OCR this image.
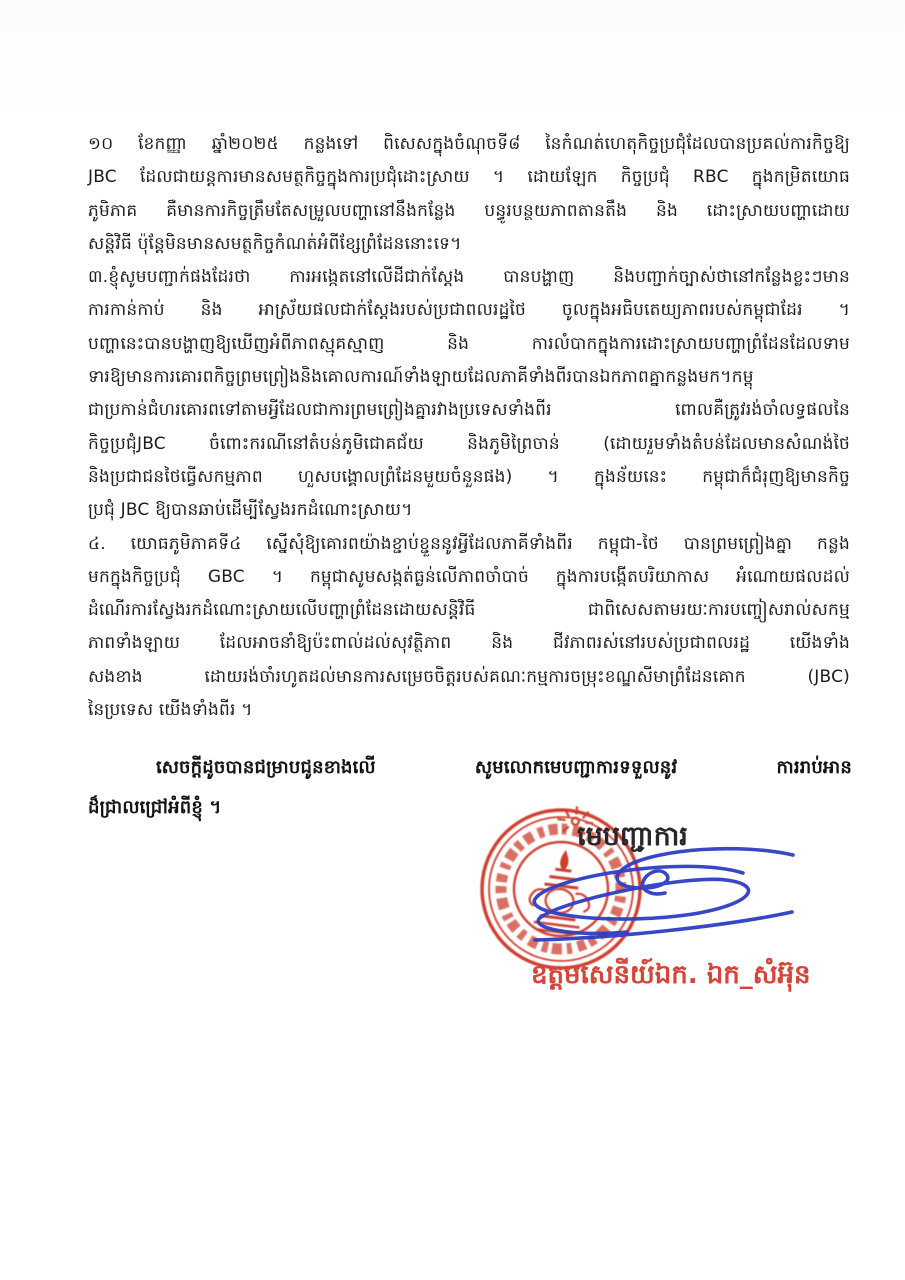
១០ ខែកញ្ញា ឆ្នាំ២០២៥ កន្លងទៅ ពិសេសក្នុងចំណុចទី៨ នៃកំណត់ហេតុកិច្ចប្រជុំដែលបានប្រគល់ការកិច្ចឱ្យ
JBC ដែលជាយន្តការមានសមត្ថកិច្ចក្នុងការប្រជុំដោះស្រាយ ។ ដោយឡែក កិច្ចប្រជុំ RBC ក្នុងកម្រិតយោធ
ភូមិភាគ គឺមានការកិច្ចត្រឹមតែសម្រួលបញ្ហានៅនឹងកន្លែង បន្ធូរបន្ថយភាពតានតឹង និង ដោះស្រាយបញ្ហាដោយ
សន្តិវិធី ប៉ុន្តែមិនមានសមត្ថកិច្ចកំណត់អំពីខ្សែព្រំដែននោះទេ។
៣.ខ្ញុំសូមបញ្ជាក់ផងដែរថា ការអង្កេតនៅលើដីជាក់ស្តែង បានបង្ហាញ និងបញ្ជាក់ច្បាស់ថានៅកន្លែងខ្លះៗមាន
ការកាន់កាប់ និង អាស្រ័យផលជាក់ស្តែងរបស់ប្រជាពលរដ្ឋថៃ ចូលក្នុងអធិបតេយ្យភាពរបស់កម្ពុជាដែរ ។
បញ្ហានេះបានបង្ហាញឱ្យឃើញអំពីភាពស្មុគស្មាញ និង ការលំបាកក្នុងការដោះស្រាយបញ្ហាព្រំដែនដែលទាម
ទារឱ្យមានការគោរពកិច្ចព្រមព្រៀងនិងគោលការណ៍ទាំងឡាយដែលភាគីទាំងពីរបានឯកភាពគ្នាកន្លងមក។កម្ពុ
ជាប្រកាន់ជំហរគោរពទៅតាមអ្វីដែលជាការព្រមព្រៀងគ្នារវាងប្រទេសទាំងពីរ ពោលគឺត្រូវរង់ចាំលទ្ធផលនៃ
កិច្ចប្រជុំJBC ចំពោះករណីនៅតំបន់ភូមិជោគជ័យ និងភូមិព្រៃចាន់ (ដោយរួមទាំងតំបន់ដែលមានសំណង់ថៃ
និងប្រជាជនថៃធ្វើសកម្មភាព ហួសបង្គោលព្រំដែនមួយចំនួនផង) ។ ក្នុងន័យនេះ កម្ពុជាក៏ជំរុញឱ្យមានកិច្ច
ប្រជុំ JBC ឱ្យបានឆាប់ដើម្បីស្វែងរកដំណោះស្រាយ។
៤. យោធភូមិភាគទី៤ ស្នើសុំឱ្យគោរពយ៉ាងខ្ជាប់ខ្ជួននូវអ្វីដែលភាគីទាំងពីរ កម្ពុជា-ថៃ បានព្រមព្រៀងគ្នា កន្លង
មកក្នុងកិច្ចប្រជុំ GBC ។ កម្ពុជាសូមសង្កត់ធ្ងន់លើភាពចាំបាច់ ក្នុងការបង្កើតបរិយាកាស អំណោយផលដល់
ដំណើរការស្វែងរកដំណោះស្រាយលើបញ្ហាព្រំដែនដោយសន្តិវិធី ជាពិសេសតាមរយៈការបញ្ចៀសរាល់សកម្ម
ភាពទាំងឡាយ ដែលអាចនាំឱ្យប៉ះពាល់ដល់សុវត្ថិភាព និង ជីវភាពរស់នៅរបស់ប្រជាពលរដ្ឋ យើងទាំង
សងខាង ដោយរង់ចាំរហូតដល់មានការសម្រេចចិត្តរបស់គណៈកម្មការចម្រុះខណ្ឌសីមាព្រំដែនគោក (JBC)
នៃប្រទេស យើងទាំងពីរ ។
សេចក្តីដូចបានជម្រាបជូនខាងលើ សូមលោកមេបញ្ជាការទទួលនូវ ការរាប់អាន
ដ៏ជ្រាលជ្រៅអំពីខ្ញុំ ។
មេបញ្ជាការ
ឧត្តមសេនីយ៍ឯក. ឯក_សំអ៊ុន
